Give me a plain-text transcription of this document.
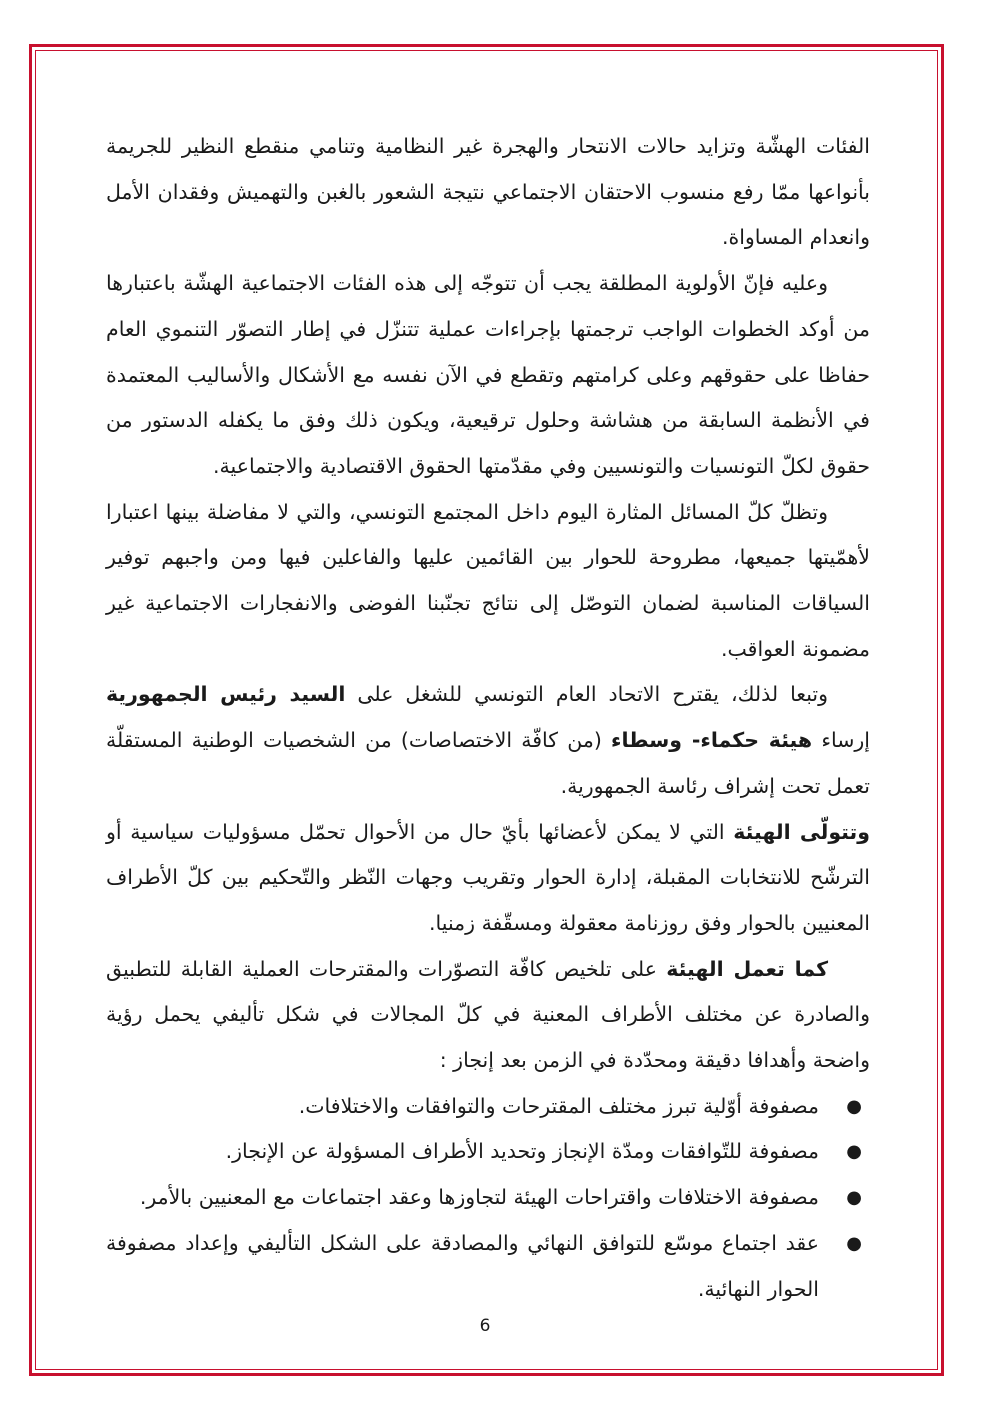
الفئات الهشّة وتزايد حالات الانتحار والهجرة غير النظامية وتنامي منقطع النظير للجريمة بأنواعها ممّا رفع منسوب الاحتقان الاجتماعي نتيجة الشعور بالغبن والتهميش وفقدان الأمل وانعدام المساواة.

وعليه فإنّ الأولوية المطلقة يجب أن تتوجّه إلى هذه الفئات الاجتماعية الهشّة باعتبارها من أوكد الخطوات الواجب ترجمتها بإجراءات عملية تتنزّل في إطار التصوّر التنموي العام حفاظا على حقوقهم وعلى كرامتهم وتقطع في الآن نفسه مع الأشكال والأساليب المعتمدة في الأنظمة السابقة من هشاشة وحلول ترقيعية، ويكون ذلك وفق ما يكفله الدستور من حقوق لكلّ التونسيات والتونسيين وفي مقدّمتها الحقوق الاقتصادية والاجتماعية.

وتظلّ كلّ المسائل المثارة اليوم داخل المجتمع التونسي، والتي لا مفاضلة بينها اعتبارا لأهمّيتها جميعها، مطروحة للحوار بين القائمين عليها والفاعلين فيها ومن واجبهم توفير السياقات المناسبة لضمان التوصّل إلى نتائج تجنّبنا الفوضى والانفجارات الاجتماعية غير مضمونة العواقب.

وتبعا لذلك، يقترح الاتحاد العام التونسي للشغل على السيد رئيس الجمهورية إرساء هيئة حكماء- وسطاء (من كافّة الاختصاصات) من الشخصيات الوطنية المستقلّة تعمل تحت إشراف رئاسة الجمهورية.

وتتولّى الهيئة التي لا يمكن لأعضائها بأيّ حال من الأحوال تحمّل مسؤوليات سياسية أو الترشّح للانتخابات المقبلة، إدارة الحوار وتقريب وجهات النّظر والتّحكيم بين كلّ الأطراف المعنيين بالحوار وفق روزنامة معقولة ومسقّفة زمنيا.

كما تعمل الهيئة على تلخيص كافّة التصوّرات والمقترحات العملية القابلة للتطبيق والصادرة عن مختلف الأطراف المعنية في كلّ المجالات في شكل تأليفي يحمل رؤية واضحة وأهدافا دقيقة ومحدّدة في الزمن بعد إنجاز :

●
مصفوفة أوّلية تبرز مختلف المقترحات والتوافقات والاختلافات.
●
مصفوفة للتّوافقات ومدّة الإنجاز وتحديد الأطراف المسؤولة عن الإنجاز.
●
مصفوفة الاختلافات واقتراحات الهيئة لتجاوزها وعقد اجتماعات مع المعنيين بالأمر.
●
عقد اجتماع موسّع للتوافق النهائي والمصادقة على الشكل التأليفي وإعداد مصفوفة الحوار النهائية.
6
